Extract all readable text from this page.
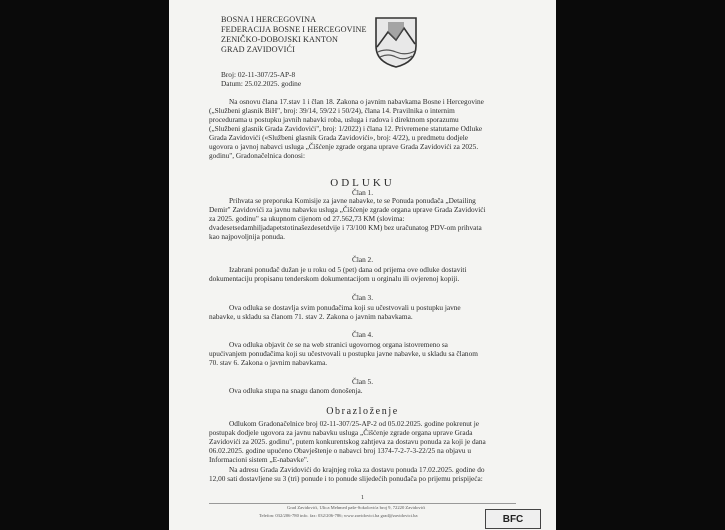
BOSNA I HERCEGOVINA
FEDERACIJA BOSNE I HERCEGOVINE
ZENIČKO-DOBOJSKI KANTON
GRAD ZAVIDOVIĆI
Broj: 02-11-307/25-AP-8
Datum: 25.02.2025. godine
Na osnovu člana 17.stav 1 i član 18. Zakona o javnim nabavkama Bosne i Hercegovine
(„Službeni glasnik BiH", broj: 39/14, 59/22 i 50/24), člana 14. Pravilnika o internim
procedurama u postupku javnih nabavki roba, usluga i radova i direktnom sporazumu
(„Službeni glasnik Grada Zavidovići", broj: 1/2022) i člana 12. Privremene statutarne Odluke
Grada Zavidovići («Službeni glasnik Grada Zavidovići», broj: 4/22), u predmetu dodjele
ugovora o javnoj nabavci usluga „Čišćenje zgrade organa uprave Grada Zavidovići za 2025.
godinu", Gradonačelnica donosi:
ODLUKU
Član 1.
Prihvata se preporuka Komisije za javne nabavke, te se Ponuda ponuđača „Detailing
Demir" Zavidovići za javnu nabavku usluga „Čišćenje zgrade organa uprave Grada Zavidovići
za 2025. godinu" sa ukupnom cijenom od 27.562,73 KM (slovima:
dvadesetsedamhiljadapetstotinašezdesetdvije i 73/100 KM) bez uračunatog PDV-om prihvata
kao najpovoljnija ponuda.
Član 2.
Izabrani ponuđač dužan je u roku od 5 (pet) dana od prijema ove odluke dostaviti
dokumentaciju propisanu tenderskom dokumentacijom u orginalu ili ovjerenoj kopiji.
Član 3.
Ova odluka se dostavlja svim ponuđačima koji su učestvovali u postupku javne
nabavke, u skladu sa članom 71. stav 2. Zakona o javnim nabavkama.
Član 4.
Ova odluka objavit će se na web stranici ugovornog organa istovremeno sa
upućivanjem ponuđačima koji su učestvovali u postupku javne nabavke, u skladu sa članom
70. stav 6. Zakona o javnim nabavkama.
Član 5.
Ova odluka stupa na snagu danom donošenja.
Obrazloženje
Odlukom Gradonačelnice broj 02-11-307/25-AP-2 od 05.02.2025. godine pokrenut je
postupak dodjele ugovora za javnu nabavku usluga „Čišćenje zgrade organa uprave Grada
Zavidovići za 2025. godinu", putem konkurentskog zahtjeva za dostavu ponuda za koji je dana
06.02.2025. godine upućeno Obavještenje o nabavci broj 1374-7-2-7-3-22/25 na objavu u
Informacioni sistem „E-nabavke".
Na adresu Grada Zavidovići do krajnjeg roka za dostavu ponuda 17.02.2025. godine do
12,00 sati dostavljene su 3 (tri) ponude i to ponude slijedećih ponuđača po prijemu prispijeća:
1
Grad Zavidovići, Ulica Mehmed paše-Sokolovića broj 9, 72220 Zavidovići
Telefon: 032/206-780 info. fax: 032/206-786; www.zavidovici.ba grad@zavidovici.ba	BFC
